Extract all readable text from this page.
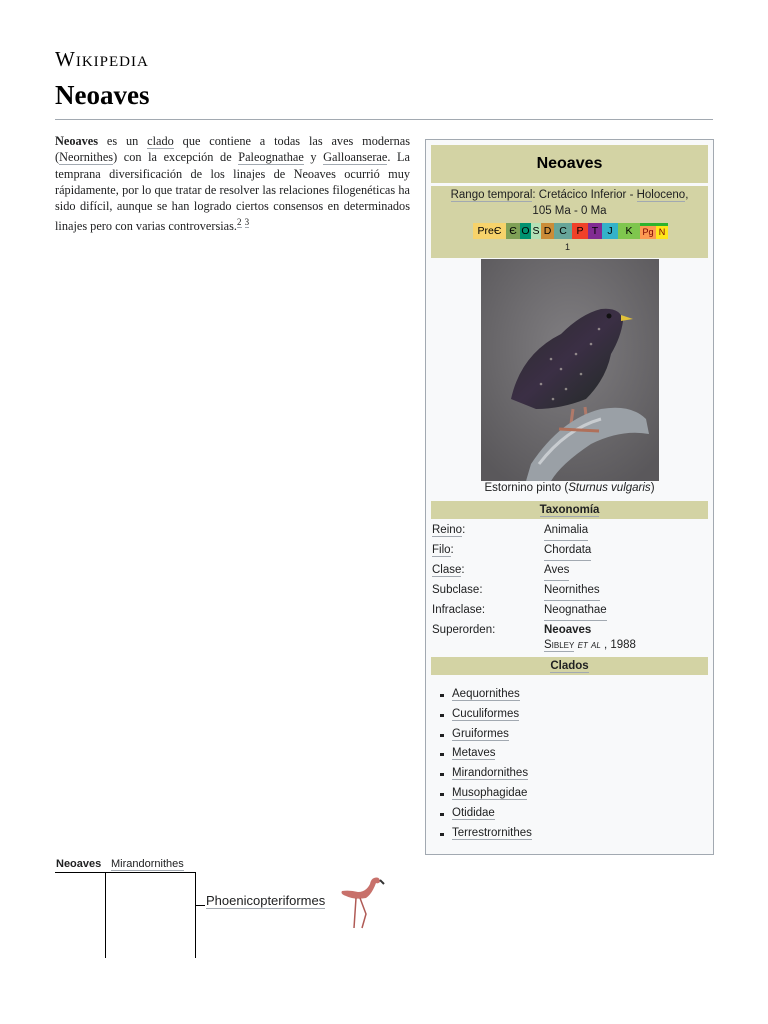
Wikipedia
Neoaves

Neoaves es un clado que contiene a todas las aves modernas (Neornithes) con la excepción de Paleognathae y Galloanserae. La temprana diversificación de los linajes de Neoaves ocurrió muy rápidamente, por lo que tratar de resolver las relaciones filogenéticas ha sido difícil, aunque se han logrado ciertos consensos en determinados linajes pero con varias controversias.$^2$ $^3$

Neoaves
Rango temporal: Cretácico Inferior - Holoceno,
105 Ma - 0 Ma
PreЄ Є O S D C P T J	K	Pg N
1
Estornino pinto (Sturnus vulgaris)
Taxonomía
Reino:	Animalia
Filo:	Chordata
Clase:	Aves
Subclase:	Neornithes
Infraclase:	Neognathae
Superorden:	Neoaves
Sibley et al , 1988
Clados
Aequornithes
Cuculiformes
Gruiformes
Metaves
Mirandornithes
Musophagidae
Otididae
Terrestrornithes
Neoaves Mirandornithes
Phoenicopteriformes
